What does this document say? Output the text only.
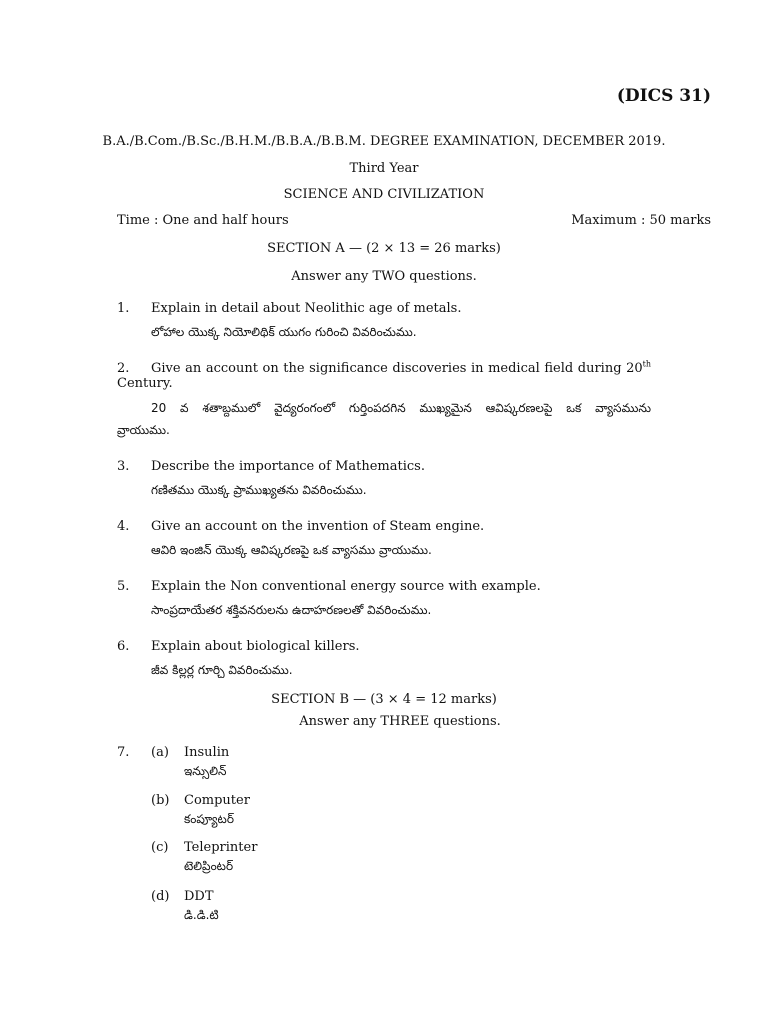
(DICS 31)
B.A./B.Com./B.Sc./B.H.M./B.B.A./B.B.M. DEGREE EXAMINATION, DECEMBER 2019.
Third Year
SCIENCE AND CIVILIZATION
Time : One and half hours	Maximum : 50 marks
SECTION A — (2 × 13 = 26 marks)
Answer any TWO questions.
1. Explain in detail about Neolithic age of metals.
లోహాల యొక్క నియోలిథిక్ యుగం గురించి వివరించుము.
2. Give an account on the significance discoveries in medical field during 20th
Century.
20 వ శతాబ్దములో వైద్యరంగంలో గుర్తింపదగిన ముఖ్యమైన ఆవిష్కరణలపై ఒక వ్యాసమును
వ్రాయుము.
3. Describe the importance of Mathematics.
గణితము యొక్క ప్రాముఖ్యతను వివరించుము.
4. Give an account on the invention of Steam engine.
ఆవిరి ఇంజిన్ యొక్క ఆవిష్కరణపై ఒక వ్యాసము వ్రాయుము.
5. Explain the Non conventional energy source with example.
సాంప్రదాయేతర శక్తివనరులను ఉదాహరణలతో వివరించుము.
6. Explain about biological killers.
జీవ కిల్లర్ల గూర్చి వివరించుము.
SECTION B — (3 × 4 = 12 marks)
Answer any THREE questions.
7. (a) Insulin
ఇన్సులిన్
(b) Computer
కంప్యూటర్
(c) Teleprinter
టెలిప్రింటర్
(d) DDT
డి.డి.టి
